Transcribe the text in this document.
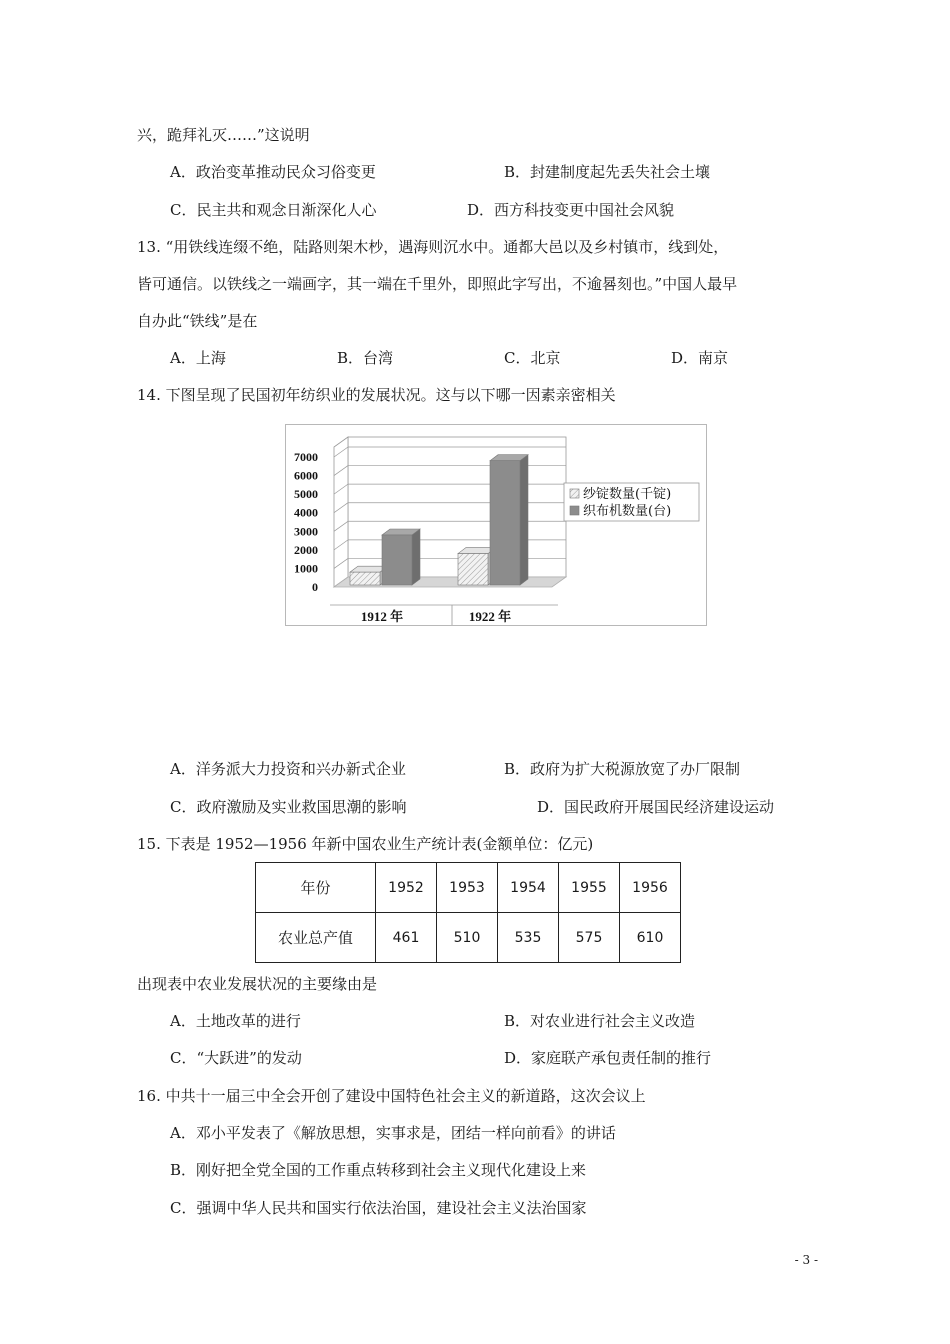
兴，跪拜礼灭……”这说明
A．政治变革推动民众习俗变更	B．封建制度起先丢失社会土壤
C．民主共和观念日渐深化人心	D．西方科技变更中国社会风貌
13. “用铁线连缀不绝，陆路则架木杪，遇海则沉水中。通都大邑以及乡村镇市，线到处，
皆可通信。以铁线之一端画字，其一端在千里外，即照此字写出，不逾晷刻也。”中国人最早
自办此“铁线”是在
A．上海	B．台湾	C．北京	D．南京
14. 下图呈现了民国初年纺织业的发展状况。这与以下哪一因素亲密相关
0
1000
2000
3000
4000
5000
6000
7000
1912 年	1922 年
纱锭数量(千锭)
织布机数量(台)
A．洋务派大力投资和兴办新式企业	B．政府为扩大税源放宽了办厂限制
C．政府激励及实业救国思潮的影响	D．国民政府开展国民经济建设运动
15. 下表是 1952—1956 年新中国农业生产统计表(金额单位：亿元)
年份	1952	1953	1954	1955	1956
农业总产值	461	510	535	575	610
出现表中农业发展状况的主要缘由是
A．土地改革的进行	B．对农业进行社会主义改造
C．“大跃进”的发动	D．家庭联产承包责任制的推行
16. 中共十一届三中全会开创了建设中国特色社会主义的新道路，这次会议上
A．邓小平发表了《解放思想，实事求是，团结一样向前看》的讲话
B．刚好把全党全国的工作重点转移到社会主义现代化建设上来
C．强调中华人民共和国实行依法治国，建设社会主义法治国家
- 3 -
